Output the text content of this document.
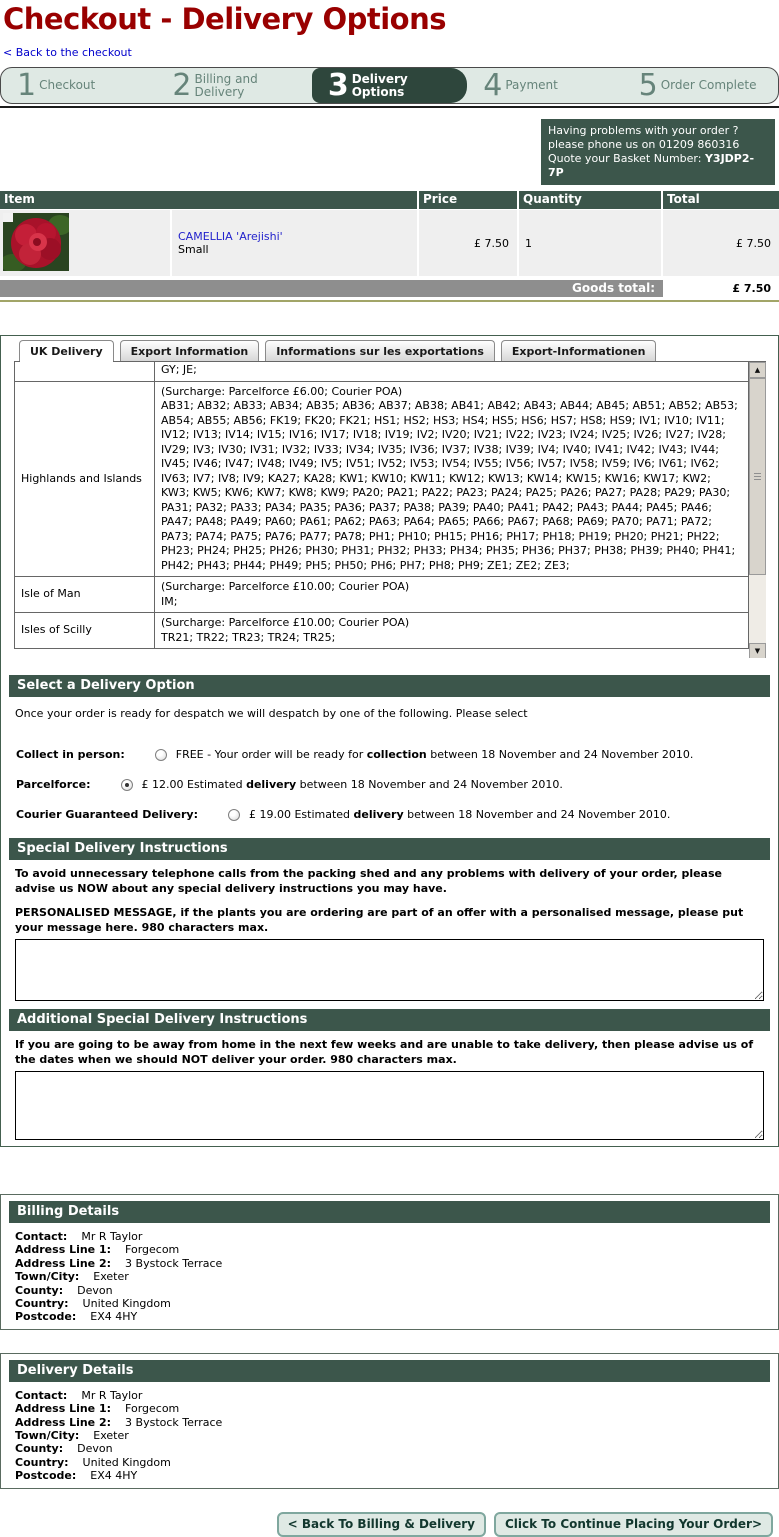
Checkout - Delivery Options
< Back to the checkout
1 Checkout	2 Billing and Delivery	3 Delivery Options	4 Payment	5 Order Complete
Having problems with your order ?
please phone us on 01209 860316
Quote your Basket Number: Y3JDP2-7P
Item	Price	Quantity	Total
CAMELLIA 'Arejishi'
Small	£ 7.50	1	£ 7.50
Goods total:	£ 7.50
UK Delivery	Export Information	Informations sur les exportations	Export-Informationen
	GY; JE;
Highlands and Islands	(Surcharge: Parcelforce £6.00; Courier POA)
AB31; AB32; AB33; AB34; AB35; AB36; AB37; AB38; AB41; AB42; AB43; AB44; AB45; AB51; AB52; AB53; AB54; AB55; AB56; FK19; FK20; FK21; HS1; HS2; HS3; HS4; HS5; HS6; HS7; HS8; HS9; IV1; IV10; IV11; IV12; IV13; IV14; IV15; IV16; IV17; IV18; IV19; IV2; IV20; IV21; IV22; IV23; IV24; IV25; IV26; IV27; IV28; IV29; IV3; IV30; IV31; IV32; IV33; IV34; IV35; IV36; IV37; IV38; IV39; IV4; IV40; IV41; IV42; IV43; IV44; IV45; IV46; IV47; IV48; IV49; IV5; IV51; IV52; IV53; IV54; IV55; IV56; IV57; IV58; IV59; IV6; IV61; IV62; IV63; IV7; IV8; IV9; KA27; KA28; KW1; KW10; KW11; KW12; KW13; KW14; KW15; KW16; KW17; KW2; KW3; KW5; KW6; KW7; KW8; KW9; PA20; PA21; PA22; PA23; PA24; PA25; PA26; PA27; PA28; PA29; PA30; PA31; PA32; PA33; PA34; PA35; PA36; PA37; PA38; PA39; PA40; PA41; PA42; PA43; PA44; PA45; PA46; PA47; PA48; PA49; PA60; PA61; PA62; PA63; PA64; PA65; PA66; PA67; PA68; PA69; PA70; PA71; PA72; PA73; PA74; PA75; PA76; PA77; PA78; PH1; PH10; PH15; PH16; PH17; PH18; PH19; PH20; PH21; PH22; PH23; PH24; PH25; PH26; PH30; PH31; PH32; PH33; PH34; PH35; PH36; PH37; PH38; PH39; PH40; PH41; PH42; PH43; PH44; PH49; PH5; PH50; PH6; PH7; PH8; PH9; ZE1; ZE2; ZE3;

Isle of Man	(Surcharge: Parcelforce £10.00; Courier POA)
IM;

Isles of Scilly	(Surcharge: Parcelforce £10.00; Courier POA)
TR21; TR22; TR23; TR24; TR25;
▲
▼
Select a Delivery Option
Once your order is ready for despatch we will despatch by one of the following. Please select
Collect in person:	FREE - Your order will be ready for collection between 18 November and 24 November 2010.
Parcelforce:	£ 12.00 Estimated delivery between 18 November and 24 November 2010.
Courier Guaranteed Delivery:	£ 19.00 Estimated delivery between 18 November and 24 November 2010.
Special Delivery Instructions
To avoid unnecessary telephone calls from the packing shed and any problems with delivery of your order, please advise us NOW about any special delivery instructions you may have.
PERSONALISED MESSAGE, if the plants you are ordering are part of an offer with a personalised message, please put your message here. 980 characters max.
Additional Special Delivery Instructions
If you are going to be away from home in the next few weeks and are unable to take delivery, then please advise us of the dates when we should NOT deliver your order. 980 characters max.
Billing Details
Contact: Mr R Taylor
Address Line 1: Forgecom
Address Line 2: 3 Bystock Terrace
Town/City: Exeter
County: Devon
Country: United Kingdom
Postcode: EX4 4HY
Delivery Details
Contact: Mr R Taylor
Address Line 1: Forgecom
Address Line 2: 3 Bystock Terrace
Town/City: Exeter
County: Devon
Country: United Kingdom
Postcode: EX4 4HY
< Back To Billing & Delivery	Click To Continue Placing Your Order>
